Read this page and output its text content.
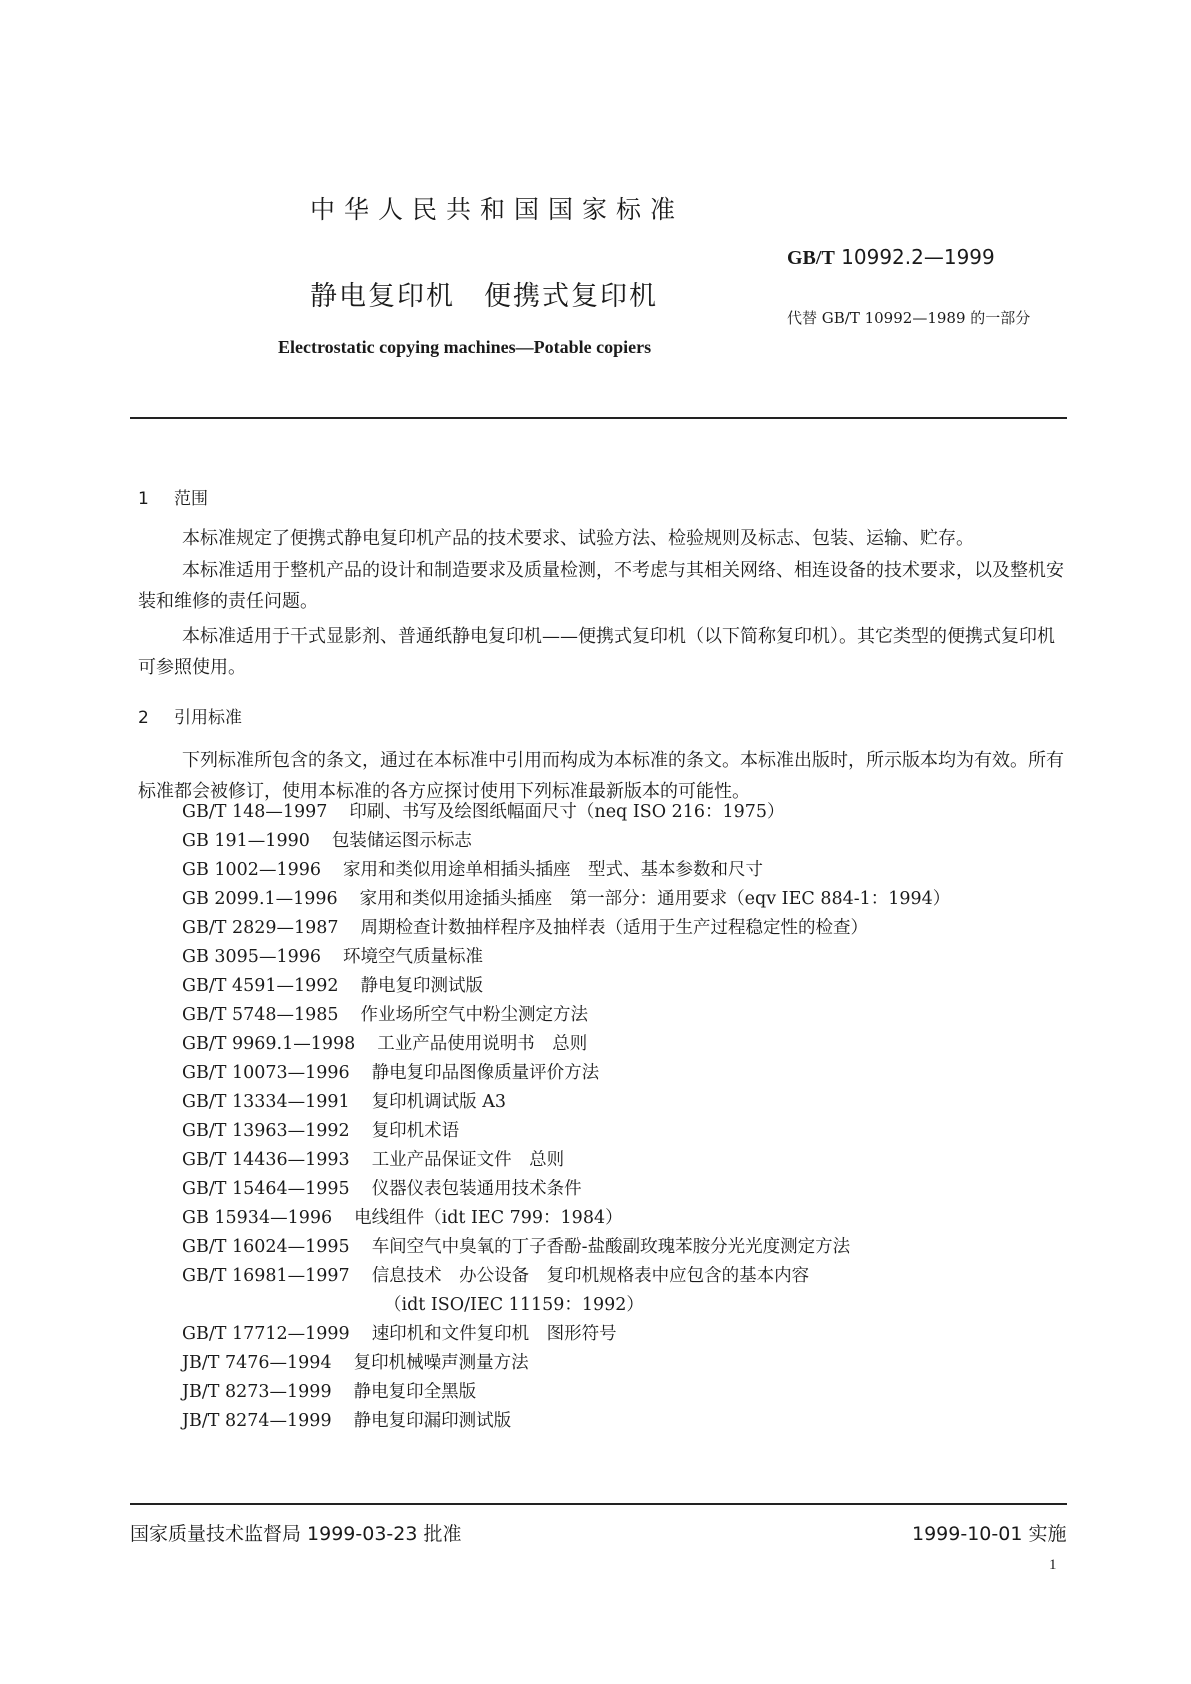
中华人民共和国国家标准
静电复印机　便携式复印机
Electrostatic copying machines—Potable copiers
GB/T 10992.2—1999
代替 GB/T 10992—1989 的一部分
1 范围
本标准规定了便携式静电复印机产品的技术要求、试验方法、检验规则及标志、包装、运输、贮存。
本标准适用于整机产品的设计和制造要求及质量检测，不考虑与其相关网络、相连设备的技术要求，以及整机安装和维修的责任问题。
本标准适用于干式显影剂、普通纸静电复印机——便携式复印机（以下简称复印机）。其它类型的便携式复印机可参照使用。
2 引用标准
下列标准所包含的条文，通过在本标准中引用而构成为本标准的条文。本标准出版时，所示版本均为有效。所有标准都会被修订，使用本标准的各方应探讨使用下列标准最新版本的可能性。
GB/T 148—1997 印刷、书写及绘图纸幅面尺寸（neq ISO 216：1975）
GB 191—1990 包装储运图示标志
GB 1002—1996 家用和类似用途单相插头插座　型式、基本参数和尺寸
GB 2099.1—1996 家用和类似用途插头插座　第一部分：通用要求（eqv IEC 884-1：1994）
GB/T 2829—1987 周期检查计数抽样程序及抽样表（适用于生产过程稳定性的检查）
GB 3095—1996 环境空气质量标准
GB/T 4591—1992 静电复印测试版
GB/T 5748—1985 作业场所空气中粉尘测定方法
GB/T 9969.1—1998 工业产品使用说明书　总则
GB/T 10073—1996 静电复印品图像质量评价方法
GB/T 13334—1991 复印机调试版 A3
GB/T 13963—1992 复印机术语
GB/T 14436—1993 工业产品保证文件　总则
GB/T 15464—1995 仪器仪表包装通用技术条件
GB 15934—1996 电线组件（idt IEC 799：1984）
GB/T 16024—1995 车间空气中臭氧的丁子香酚-盐酸副玫瑰苯胺分光光度测定方法
GB/T 16981—1997 信息技术　办公设备　复印机规格表中应包含的基本内容
（idt ISO/IEC 11159：1992）
GB/T 17712—1999 速印机和文件复印机　图形符号
JB/T 7476—1994 复印机械噪声测量方法
JB/T 8273—1999 静电复印全黑版
JB/T 8274—1999 静电复印漏印测试版
国家质量技术监督局 1999-03-23 批准	1999-10-01 实施
1
